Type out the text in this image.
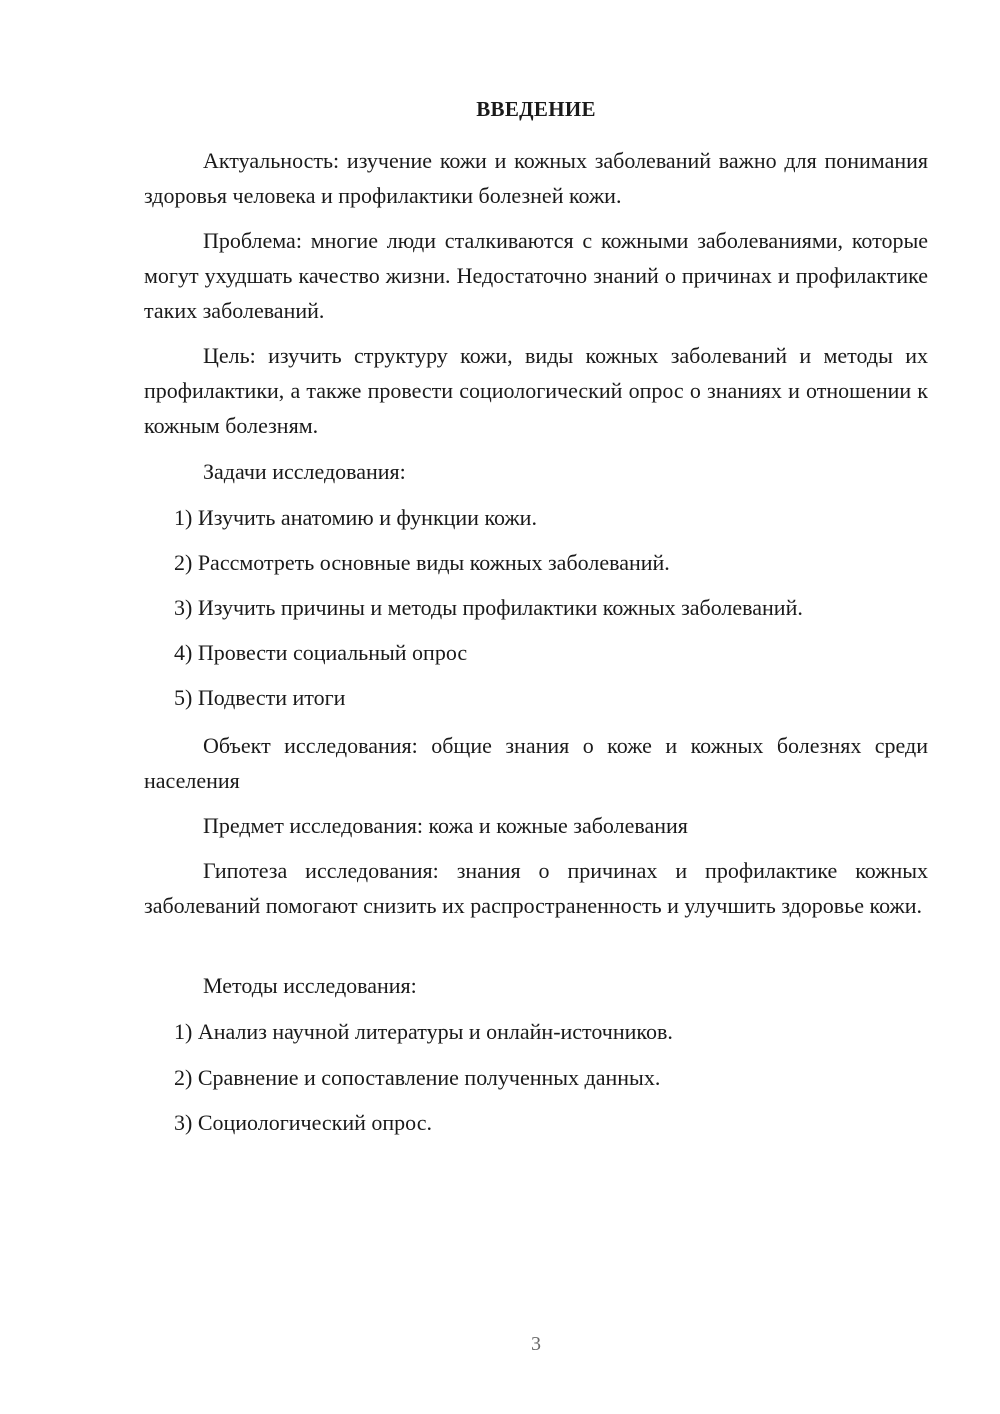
ВВЕДЕНИЕ

Актуальность: изучение кожи и кожных заболеваний важно для понимания здоровья человека и профилактики болезней кожи.

Проблема: многие люди сталкиваются с кожными заболеваниями, которые могут ухудшать качество жизни. Недостаточно знаний о причинах и профилактике таких заболеваний.

Цель: изучить структуру кожи, виды кожных заболеваний и методы их профилактики, а также провести социологический опрос о знаниях и отношении к кожным болезням.

Задачи исследования:

1) Изучить анатомию и функции кожи.

2) Рассмотреть основные виды кожных заболеваний.

3) Изучить причины и методы профилактики кожных заболеваний.

4) Провести социальный опрос

5) Подвести итоги

Объект исследования: общие знания о коже и кожных болезнях среди населения

Предмет исследования: кожа и кожные заболевания

Гипотеза исследования: знания о причинах и профилактике кожных заболеваний помогают снизить их распространенность и улучшить здоровье кожи.

Методы исследования:

1) Анализ научной литературы и онлайн-источников.

2) Сравнение и сопоставление полученных данных.

3) Социологический опрос.

3
